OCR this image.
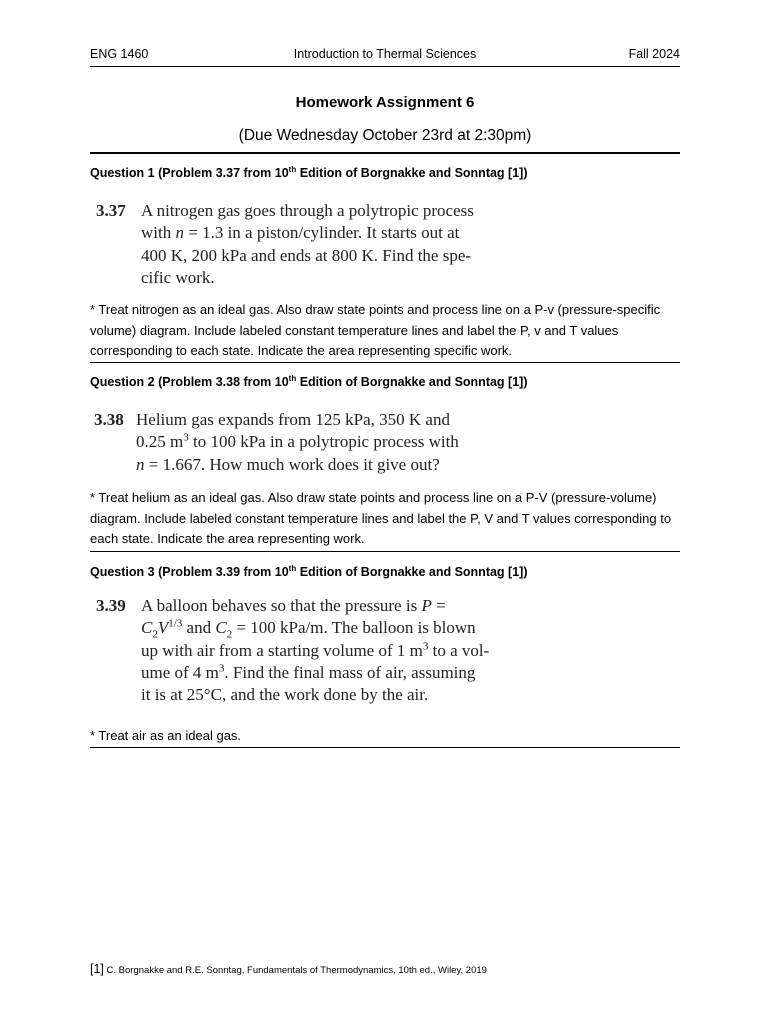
Introduction to Thermal Sciences
ENG 1460	Fall 2024
Homework Assignment 6
(Due Wednesday October 23rd at 2:30pm)
Question 1 (Problem 3.37 from 10th Edition of Borgnakke and Sonntag [1])
3.37 A nitrogen gas goes through a polytropic process
with n = 1.3 in a piston/cylinder. It starts out at
400 K, 200 kPa and ends at 800 K. Find the spe-
cific work.
* Treat nitrogen as an ideal gas. Also draw state points and process line on a P-v (pressure-specific volume) diagram. Include labeled constant temperature lines and label the P, v and T values corresponding to each state. Indicate the area representing specific work.
Question 2 (Problem 3.38 from 10th Edition of Borgnakke and Sonntag [1])
3.38 Helium gas expands from 125 kPa, 350 K and
0.25 $m^3$ to 100 kPa in a polytropic process with
n = 1.667. How much work does it give out?
* Treat helium as an ideal gas. Also draw state points and process line on a P-V (pressure-volume) diagram. Include labeled constant temperature lines and label the P, V and T values corresponding to each state. Indicate the area representing work.
Question 3 (Problem 3.39 from 10th Edition of Borgnakke and Sonntag [1])
3.39 A balloon behaves so that the pressure is P =
$C_2V^{1/3}$ and $C_2 = 100$ kPa/m. The balloon is blown
up with air from a starting volume of 1 $m^3$ to a vol-
ume of 4 $m^3$. Find the final mass of air, assuming
it is at 25°C, and the work done by the air.
* Treat air as an ideal gas.
[1] C. Borgnakke and R.E. Sonntag, Fundamentals of Thermodynamics, 10th ed., Wiley, 2019
